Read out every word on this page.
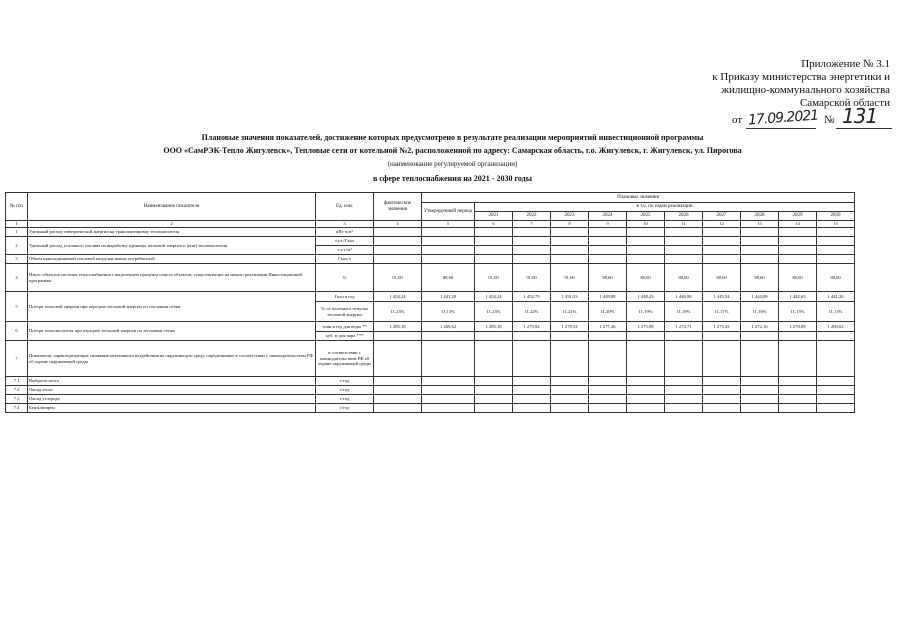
Приложение № 3.1
к Приказу министерства энергетики и
жилищно-коммунального хозяйства
Самарской области
от 17.09.2021 № 131
Плановые значения показателей, достижение которых предусмотрено в результате реализации мероприятий инвестиционной программы
ООО «СамРЭК-Тепло Жигулевск», Тепловые сети от котельной №2, расположенной по адресу: Самарская область, г.о. Жигулевск, г. Жигулевск, ул. Пирогова
(наименование регулируемой организации)
в сфере теплоснабжения на 2021 - 2030 годы
№ п/п	Наименование показателя	Ед. изм.	фактические значения	Плановые значения										
				Утвержденный период	в т.ч. по годам реализации									
					2021	2022	2023	2024	2025	2026	2027	2028	2029	2030
1	2	3	4	5	6	7	8	9	10	11	12	13	14	15
1	Удельный расход электрической энергии на транспортировку теплоносителя	кВт·ч/м³												
2	Удельный расход условного топлива на выработку единицы тепловой энергии и (или) теплоносителя	т.у.т./Гкал												
		т.у.т./м³												
3	Объем присоединяемой тепловой нагрузки новых потребителей	Гкал/ч												
4	Износ объектов системы теплоснабжения с выделением процента износа объектов, существующих на начало реализации Инвестиционной программы	%	91,00	88,60	91,00	91,00	91,00	88,60	88,60	88,60	88,60	88,60	88,60	88,60
5	Потери тепловой энергии при передаче тепловой энергии по тепловым сетям	Гкал в год	1 454,24	1 441,20	1 454,24	1 452,79	1 451,33	1 449,88	1 448,43	1 446,98	1 445,54	1 444,09	1 442,65	1 441,20
		% от полезного отпуска тепловой энергии	11,23%	11,13%	11,23%	11,22%	11,21%	11,20%	11,19%	11,18%	11,17%	11,16%	11,15%	11,13%
6	Потери теплоносителя при передаче тепловой энергии по тепловым сетям	тонн в год для воды **	1 283,10	1 269,62	1 283,10	1 279,82	1 278,54	1 277,26	1 275,98	1 274,71	1 273,43	1 272,16	1 270,89	1 269,62
		куб. м для пара ***												
7	Показатели, характеризующие снижение негативного воздействия на окружающую среду, определяемые в соответствии с законодательством РФ об охране окружающей среды	в соответствии с законодательством РФ об охране окружающей среды												
7.1	Выбросы азота	т/год												
7.2	Оксид азота	т/год												
7.3	Оксид углерода	т/год												
7.4	Бенз(а)пирен	т/год												
